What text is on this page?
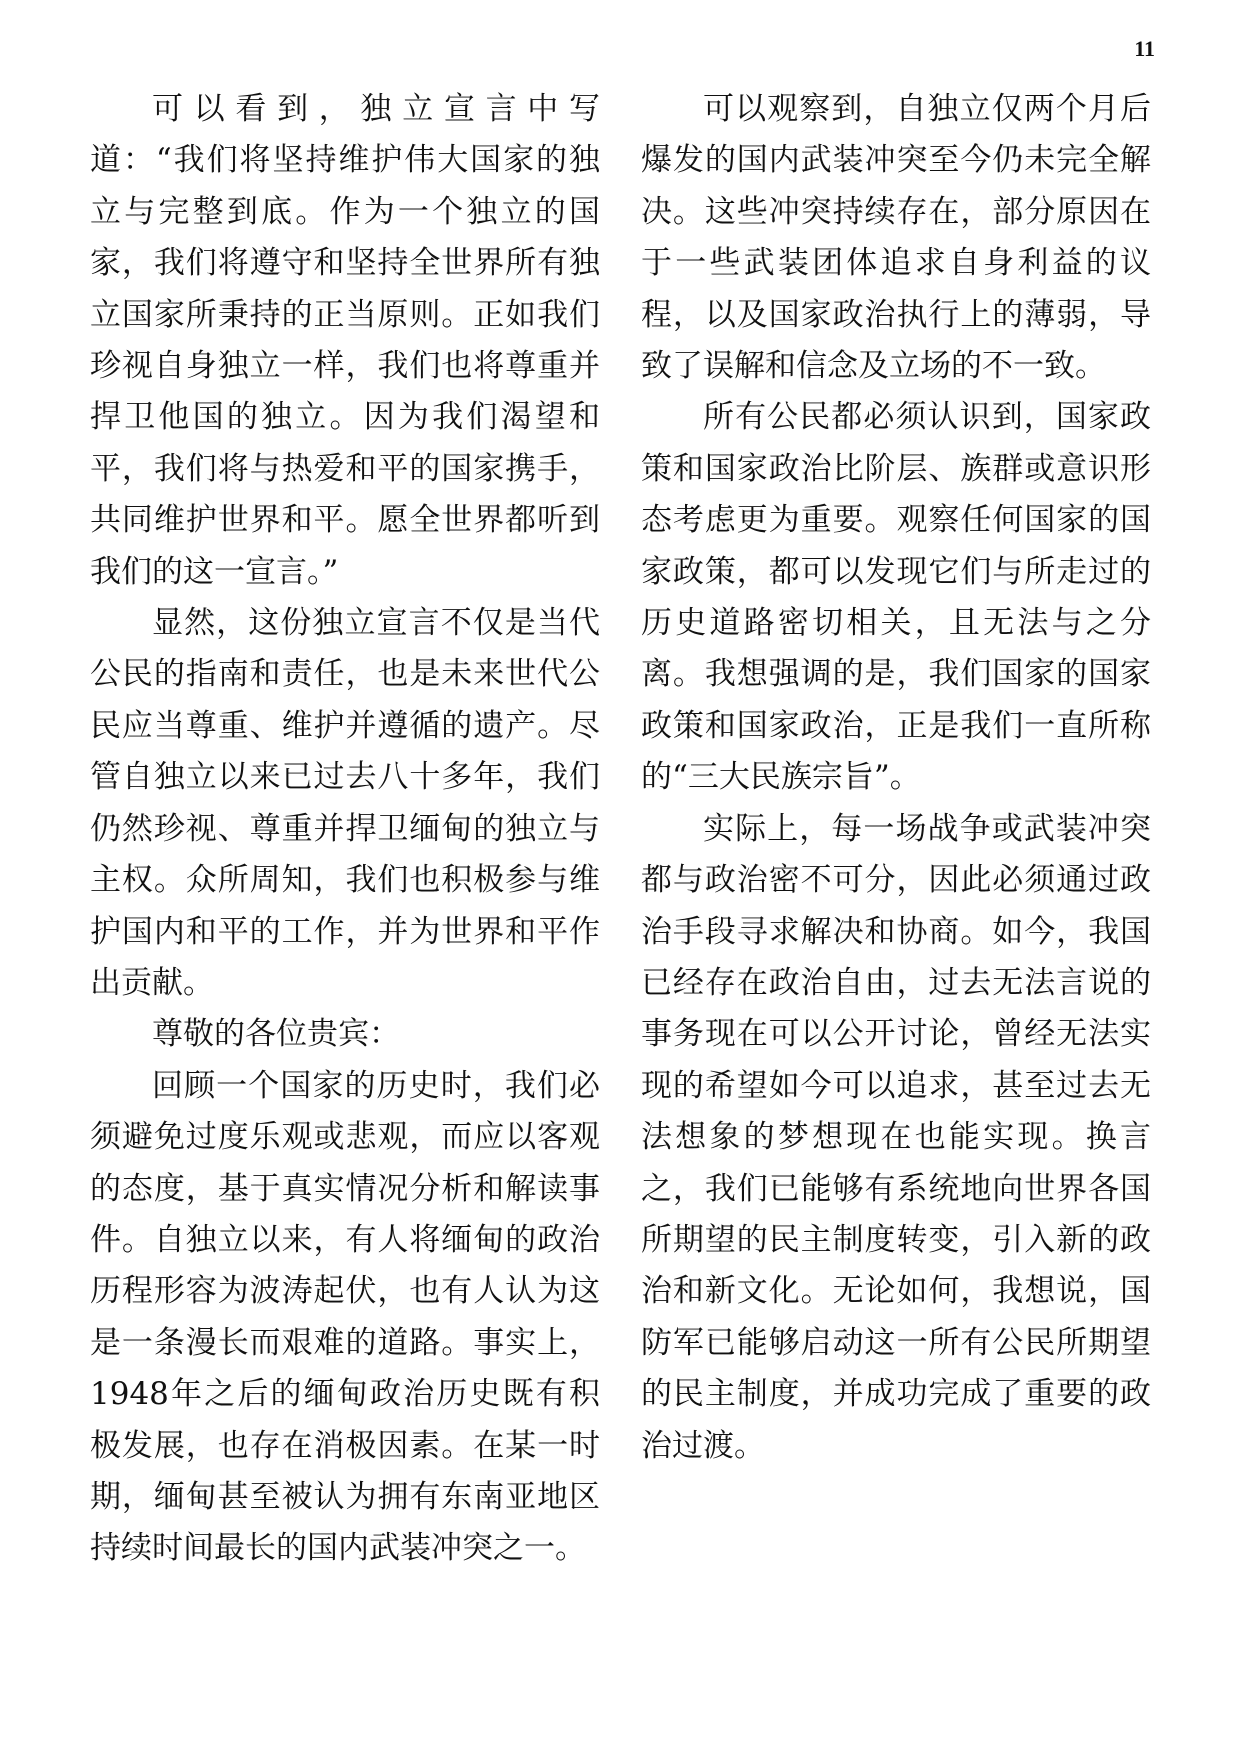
11

可以看到，独立宣言中写道：“我们将坚持维护伟大国家的独立与完整到底。作为一个独立的国家，我们将遵守和坚持全世界所有独立国家所秉持的正当原则。正如我们珍视自身独立一样，我们也将尊重并捍卫他国的独立。因为我们渴望和平，我们将与热爱和平的国家携手，共同维护世界和平。愿全世界都听到我们的这一宣言。”

显然，这份独立宣言不仅是当代公民的指南和责任，也是未来世代公民应当尊重、维护并遵循的遗产。尽管自独立以来已过去八十多年，我们仍然珍视、尊重并捍卫缅甸的独立与主权。众所周知，我们也积极参与维护国内和平的工作，并为世界和平作出贡献。

尊敬的各位贵宾：

回顾一个国家的历史时，我们必须避免过度乐观或悲观，而应以客观的态度，基于真实情况分析和解读事件。自独立以来，有人将缅甸的政治历程形容为波涛起伏，也有人认为这是一条漫长而艰难的道路。事实上，1948年之后的缅甸政治历史既有积极发展，也存在消极因素。在某一时期，缅甸甚至被认为拥有东南亚地区持续时间最长的国内武装冲突之一。

可以观察到，自独立仅两个月后爆发的国内武装冲突至今仍未完全解决。这些冲突持续存在，部分原因在于一些武装团体追求自身利益的议程，以及国家政治执行上的薄弱，导致了误解和信念及立场的不一致。

所有公民都必须认识到，国家政策和国家政治比阶层、族群或意识形态考虑更为重要。观察任何国家的国家政策，都可以发现它们与所走过的历史道路密切相关，且无法与之分离。我想强调的是，我们国家的国家政策和国家政治，正是我们一直所称的“三大民族宗旨”。

实际上，每一场战争或武装冲突都与政治密不可分，因此必须通过政治手段寻求解决和协商。如今，我国已经存在政治自由，过去无法言说的事务现在可以公开讨论，曾经无法实现的希望如今可以追求，甚至过去无法想象的梦想现在也能实现。换言之，我们已能够有系统地向世界各国所期望的民主制度转变，引入新的政治和新文化。无论如何，我想说，国防军已能够启动这一所有公民所期望的民主制度，并成功完成了重要的政治过渡。
